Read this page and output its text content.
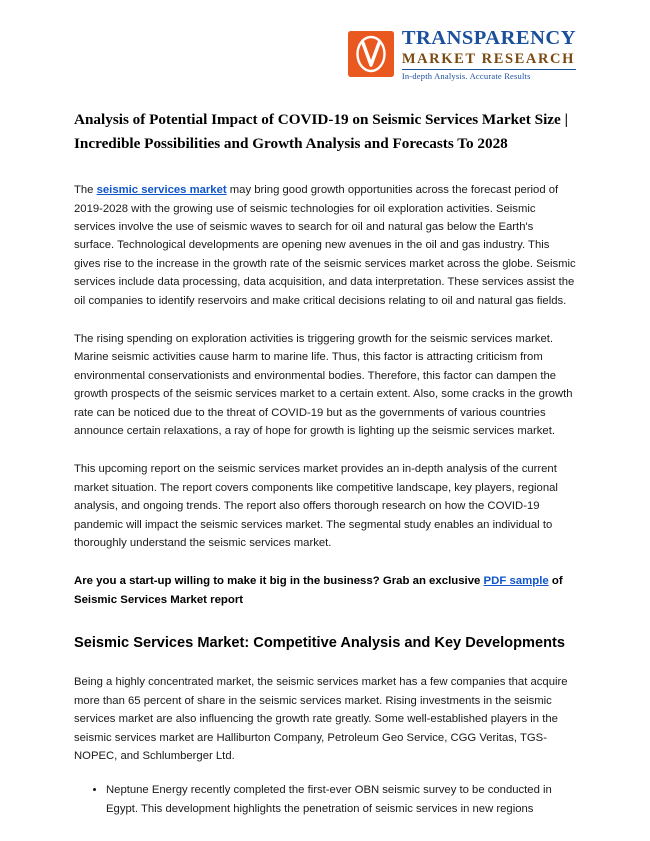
TRANSPARENCY
MARKET RESEARCH
In-depth Analysis. Accurate Results
Analysis of Potential Impact of COVID-19 on Seismic Services Market Size | Incredible Possibilities and Growth Analysis and Forecasts To 2028

The seismic services market may bring good growth opportunities across the forecast period of 2019-2028 with the growing use of seismic technologies for oil exploration activities. Seismic services involve the use of seismic waves to search for oil and natural gas below the Earth's surface. Technological developments are opening new avenues in the oil and gas industry. This gives rise to the increase in the growth rate of the seismic services market across the globe. Seismic services include data processing, data acquisition, and data interpretation. These services assist the oil companies to identify reservoirs and make critical decisions relating to oil and natural gas fields.

The rising spending on exploration activities is triggering growth for the seismic services market. Marine seismic activities cause harm to marine life. Thus, this factor is attracting criticism from environmental conservationists and environmental bodies. Therefore, this factor can dampen the growth prospects of the seismic services market to a certain extent. Also, some cracks in the growth rate can be noticed due to the threat of COVID-19 but as the governments of various countries announce certain relaxations, a ray of hope for growth is lighting up the seismic services market.

This upcoming report on the seismic services market provides an in-depth analysis of the current market situation. The report covers components like competitive landscape, key players, regional analysis, and ongoing trends. The report also offers thorough research on how the COVID-19 pandemic will impact the seismic services market. The segmental study enables an individual to thoroughly understand the seismic services market.

Are you a start-up willing to make it big in the business? Grab an exclusive PDF sample of Seismic Services Market report

Seismic Services Market: Competitive Analysis and Key Developments

Being a highly concentrated market, the seismic services market has a few companies that acquire more than 65 percent of share in the seismic services market. Rising investments in the seismic services market are also influencing the growth rate greatly. Some well-established players in the seismic services market are Halliburton Company, Petroleum Geo Service, CGG Veritas, TGS-NOPEC, and Schlumberger Ltd.

• Neptune Energy recently completed the first-ever OBN seismic survey to be conducted in Egypt. This development highlights the penetration of seismic services in new regions
